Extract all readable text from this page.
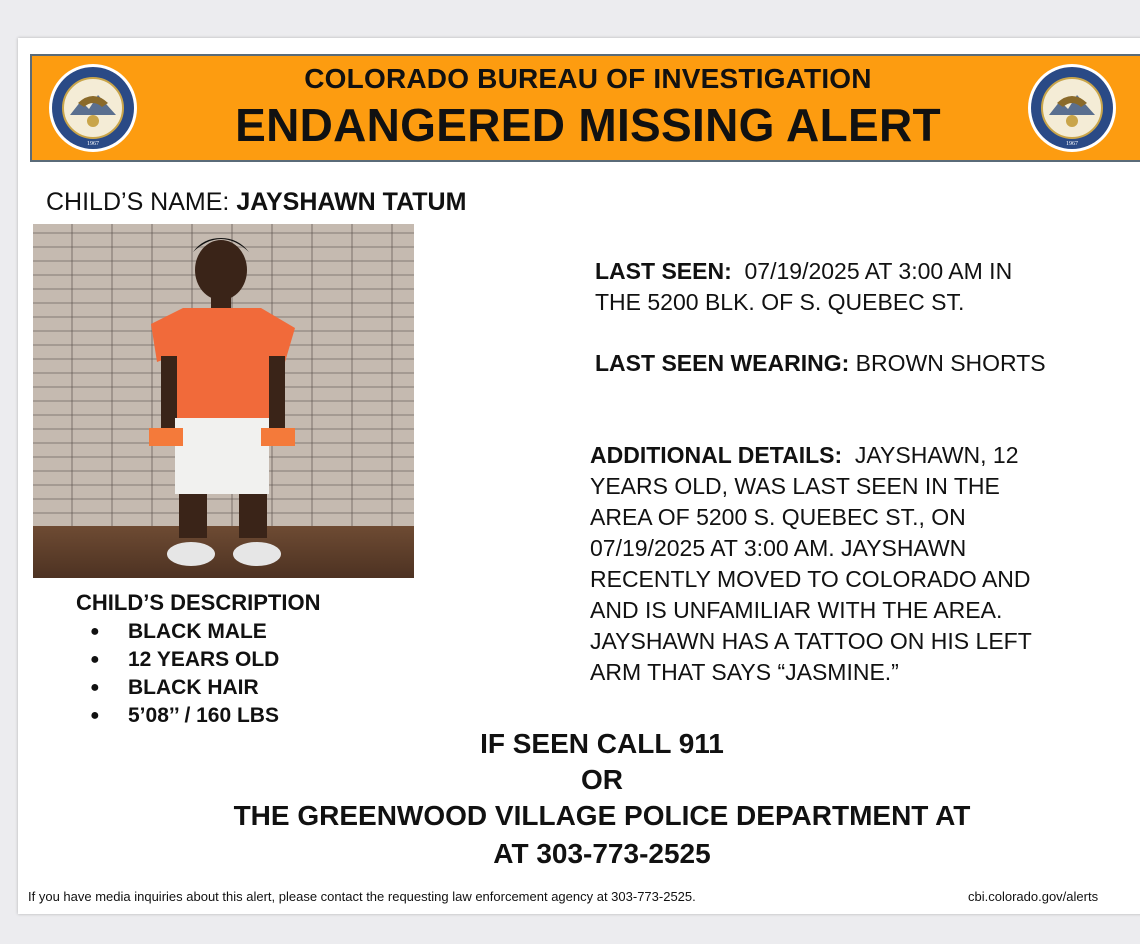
1967
COLORADO BUREAU OF INVESTIGATION
ENDANGERED MISSING ALERT	1967
CHILD’S NAME: JAYSHAWN TATUM
CHILD’S DESCRIPTION
● BLACK MALE
● 12 YEARS OLD
● BLACK HAIR
● 5’08’’ / 160 LBS
LAST SEEN: 07/19/2025 AT 3:00 AM IN
THE 5200 BLK. OF S. QUEBEC ST.
LAST SEEN WEARING: BROWN SHORTS
ADDITIONAL DETAILS: JAYSHAWN, 12
YEARS OLD, WAS LAST SEEN IN THE
AREA OF 5200 S. QUEBEC ST., ON
07/19/2025 AT 3:00 AM. JAYSHAWN
RECENTLY MOVED TO COLORADO AND
AND IS UNFAMILIAR WITH THE AREA.
JAYSHAWN HAS A TATTOO ON HIS LEFT
ARM THAT SAYS “JASMINE.”
IF SEEN CALL 911
OR
THE GREENWOOD VILLAGE POLICE DEPARTMENT AT
AT 303-773-2525
If you have media inquiries about this alert, please contact the requesting law enforcement agency at 303-773-2525.	cbi.colorado.gov/alerts
